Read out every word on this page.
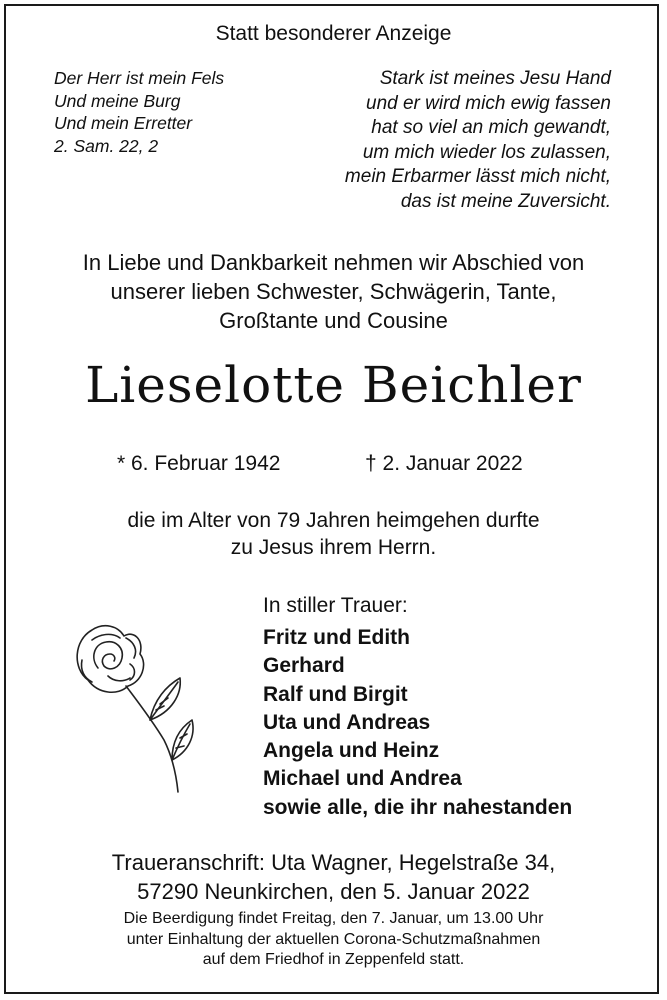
Statt besonderer Anzeige
Der Herr ist mein Fels
Und meine Burg
Und mein Erretter
2. Sam. 22, 2
Stark ist meines Jesu Hand
und er wird mich ewig fassen
hat so viel an mich gewandt,
um mich wieder los zulassen,
mein Erbarmer lässt mich nicht,
das ist meine Zuversicht.
In Liebe und Dankbarkeit nehmen wir Abschied von
unserer lieben Schwester, Schwägerin, Tante,
Großtante und Cousine
Lieselotte Beichler
* 6. Februar 1942	† 2. Januar 2022
die im Alter von 79 Jahren heimgehen durfte
zu Jesus ihrem Herrn.
In stiller Trauer:
Fritz und Edith
Gerhard
Ralf und Birgit
Uta und Andreas
Angela und Heinz
Michael und Andrea
sowie alle, die ihr nahestanden
Traueranschrift: Uta Wagner, Hegelstraße 34,
57290 Neunkirchen, den 5. Januar 2022
Die Beerdigung findet Freitag, den 7. Januar, um 13.00 Uhr
unter Einhaltung der aktuellen Corona-Schutzmaßnahmen
auf dem Friedhof in Zeppenfeld statt.
